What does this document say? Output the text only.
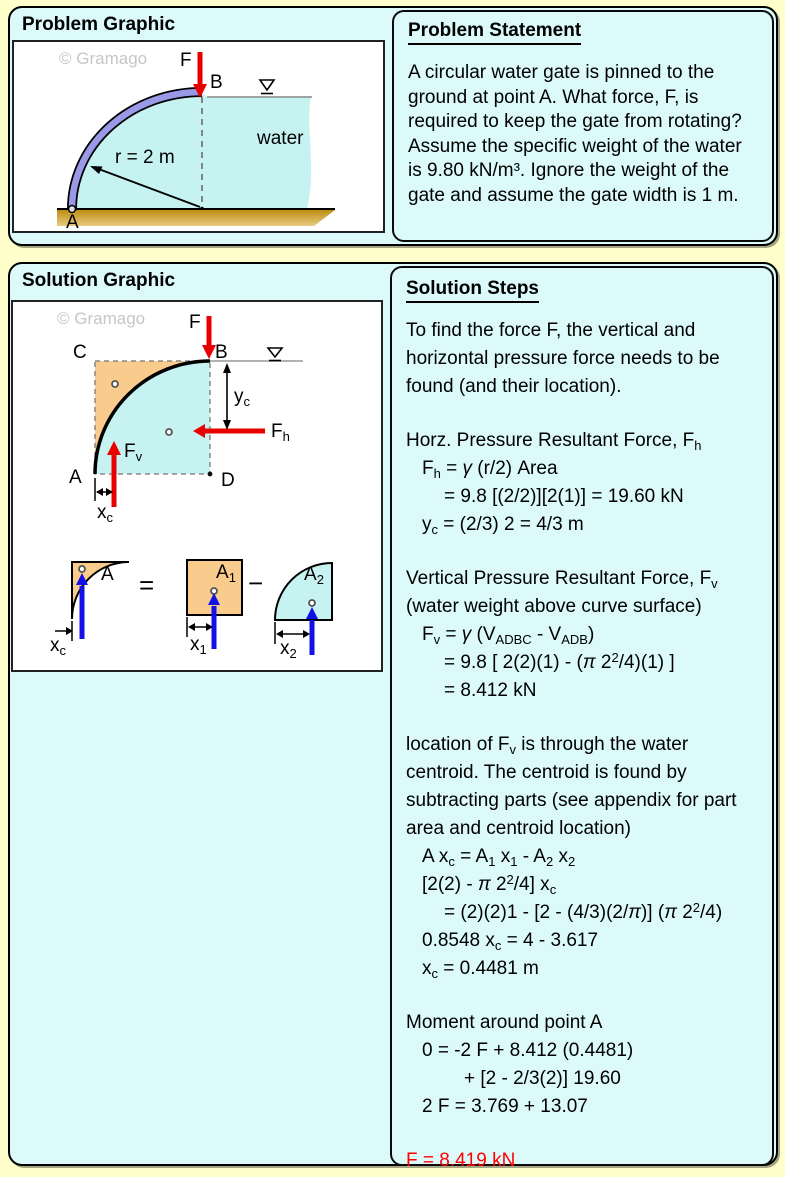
Problem Graphic
© Gramago F
B
A
water
r = 2 m
Problem Statement

A circular water gate is pinned to the ground at point A. What force, F, is required to keep the gate from rotating? Assume the specific weight of the water is 9.80 kN/m³. Ignore the weight of the gate and assume the gate width is 1 m.

Solution Graphic
© Gramago F
B
C
A	D
$y_c$
$F_h$
$F_v$
$x_c$
A =	−
$A_1$	$A_2$
$x_c$	$x_1$	$x_2$
Solution Steps
To find the force F, the vertical and horizontal pressure force needs to be found (and their location).
Horz. Pressure Resultant Force, $F_h$
$F_h = \gamma$ (r/2) Area
= 9.8 [(2/2)][2(1)] = 19.60 kN
$y_c = (2/3) 2 = 4/3$ m
Vertical Pressure Resultant Force, $F_v$
(water weight above curve surface)
$F_v = \gamma$ $(V_{ADBC} - V_{ADB})$
= 9.8 [ 2(2)(1) - (π $2^2/4)(1)$ ]
= 8.412 kN
location of $F_v$ is through the water centroid. The centroid is found by subtracting parts (see appendix for part area and centroid location)
A $x_c = A_1$ $x_1 - A_2$ $x_2$
[2(2) - π $2^2/4$] $x_c$
= (2)(2)1 - [2 - (4/3)(2/π)] (π $2^2/4$)
0.8548 $x_c = 4 - 3.617$
$x_c = 0.4481$ m
Moment around point A
0 = -2 F + 8.412 (0.4481)
+ [2 - 2/3(2)] 19.60
2 F = 3.769 + 13.07
F = 8.419 kN
